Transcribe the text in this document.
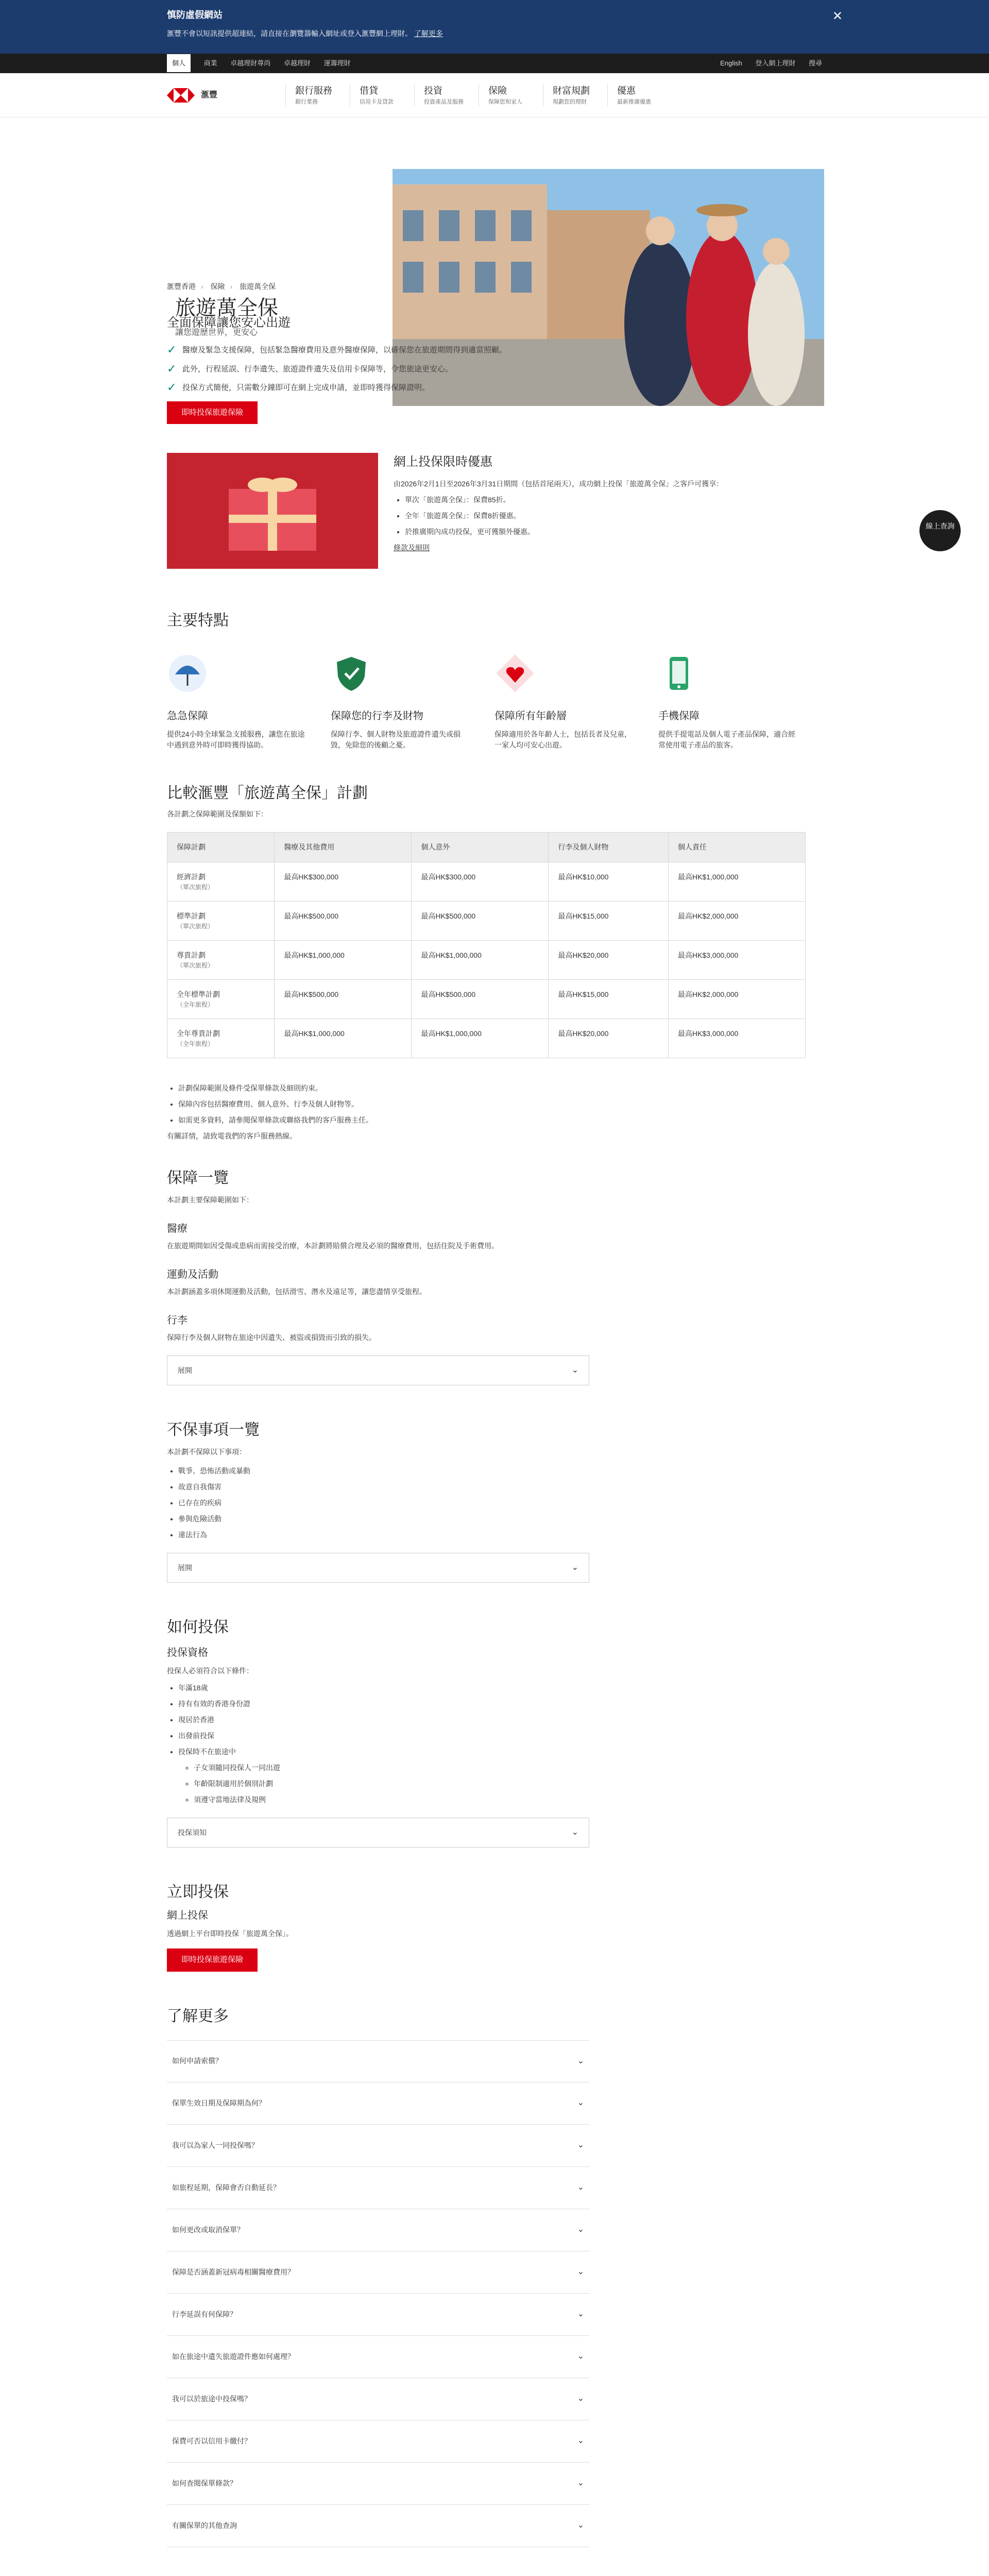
慎防虛假網站

滙豐不會以短訊提供超連結，請直接在瀏覽器輸入網址或登入滙豐網上理財。 了解更多

✕
個人	商業 卓越理財尊尚 卓越理財 運籌理財	English 登入網上理財 搜尋
滙豐	銀行服務
銀行業務
借貸
信用卡及貸款
投資
投資產品及服務
保險
保障您和家人
財富規劃
規劃您的理財
優惠
最新推廣優惠
旅遊萬全保

讓您遊歷世界，更安心

線上查詢
滙豐香港 › 保險 › 旅遊萬全保
全面保障讓您安心出遊
✓ 醫療及緊急支援保障，包括緊急醫療費用及意外醫療保障，以確保您在旅遊期間得到適當照顧。
✓ 此外，行程延誤、行李遺失、旅遊證件遺失及信用卡保障等，令您旅途更安心。
✓ 投保方式簡便，只需數分鐘即可在網上完成申請，並即時獲得保障證明。
即時投保旅遊保險
網上投保限時優惠

由2026年2月1日至2026年3月31日期間（包括首尾兩天），成功網上投保「旅遊萬全保」之客戶可獲享：

• 單次「旅遊萬全保」：保費85折。
• 全年「旅遊萬全保」：保費8折優惠。
• 於推廣期內成功投保，更可獲額外優惠。

條款及細則

主要特點
急急保障

提供24小時全球緊急支援服務，讓您在旅途中遇到意外時可即時獲得協助。

保障您的行李及財物

保障行李、個人財物及旅遊證件遺失或損毀，免除您的後顧之憂。

保障所有年齡層

保障適用於各年齡人士，包括長者及兒童，一家人均可安心出遊。

手機保障

提供手提電話及個人電子產品保障，適合經常使用電子產品的旅客。

比較滙豐「旅遊萬全保」計劃

各計劃之保障範圍及保額如下：

保障計劃	醫療及其他費用	個人意外	行李及個人財物	個人責任
經濟計劃
（單次旅程）	最高HK$300,000	最高HK$300,000	最高HK$10,000	最高HK$1,000,000
標準計劃
（單次旅程）	最高HK$500,000	最高HK$500,000	最高HK$15,000	最高HK$2,000,000
尊貴計劃
（單次旅程）	最高HK$1,000,000	最高HK$1,000,000	最高HK$20,000	最高HK$3,000,000
全年標準計劃
（全年旅程）	最高HK$500,000	最高HK$500,000	最高HK$15,000	最高HK$2,000,000
全年尊貴計劃
（全年旅程）	最高HK$1,000,000	最高HK$1,000,000	最高HK$20,000	最高HK$3,000,000
• 計劃保障範圍及條件受保單條款及細則約束。
• 保障內容包括醫療費用、個人意外、行李及個人財物等。
• 如需更多資料，請參閱保單條款或聯絡我們的客戶服務主任。

有關詳情，請致電我們的客戶服務熱線。

保障一覽

本計劃主要保障範圍如下：

醫療

在旅遊期間如因受傷或患病而需接受治療，本計劃將賠償合理及必須的醫療費用，包括住院及手術費用。

運動及活動

本計劃涵蓋多項休閒運動及活動，包括滑雪、潛水及遠足等，讓您盡情享受旅程。

行李

保障行李及個人財物在旅途中因遺失、被盜或損毀而引致的損失。

展開	⌄
不保事項一覽

本計劃不保障以下事項：

• 戰爭、恐怖活動或暴動
• 故意自我傷害
• 已存在的疾病
• 參與危險活動
• 違法行為
展開	⌄
如何投保
投保資格

投保人必須符合以下條件：

• 年滿18歲
• 持有有效的香港身份證
• 現居於香港
• 出發前投保
• 投保時不在旅途中
◦ 子女須隨同投保人一同出遊
◦ 年齡限制適用於個別計劃
◦ 須遵守當地法律及規例
投保須知	⌄
立即投保
網上投保

透過網上平台即時投保「旅遊萬全保」。

即時投保旅遊保險
了解更多
如何申請索償？	⌄
保單生效日期及保障期為何？	⌄
我可以為家人一同投保嗎？	⌄
如旅程延期，保障會否自動延長？	⌄
如何更改或取消保單？	⌄
保障是否涵蓋新冠病毒相關醫療費用？	⌄
行李延誤有何保障？	⌄
如在旅途中遺失旅遊證件應如何處理？	⌄
我可以於旅途中投保嗎？	⌄
保費可否以信用卡繳付？	⌄
如何查閱保單條款？	⌄
有關保單的其他查詢	⌄
